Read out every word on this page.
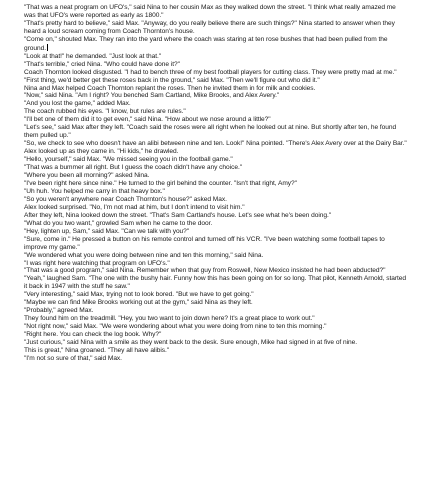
"That was a neat program on UFO's," said Nina to her cousin Max as they walked down the street. "I think what really amazed me was that UFO's were reported as early as 1800."
"That's pretty hard to believe," said Max. "Anyway, do you really believe there are such things?" Nina started to answer when they heard a loud scream coming from Coach Thornton's house.
"Come on," shouted Max. They ran into the yard where the coach was staring at ten rose bushes that had been pulled from the ground.
"Look at that!" he demanded. "Just look at that."
"That's terrible," cried Nina. "Who could have done it?"
Coach Thornton looked disgusted. "I had to bench three of my best football players for cutting class. They were pretty mad at me."
"First thing, we'd better get these roses back in the ground," said Max. "Then we'll figure out who did it."
Nina and Max helped Coach Thornton replant the roses. Then he invited them in for milk and cookies.
"Now," said Nina. "Am I right? You benched Sam Cartland, Mike Brooks, and Alex Avery."
"And you lost the game," added Max.
The coach rubbed his eyes. "I know, but rules are rules."
"I'll bet one of them did it to get even," said Nina. "How about we nose around a little?"
"Let's see," said Max after they left. "Coach said the roses were all right when he looked out at nine. But shortly after ten, he found them pulled up."
"So, we check to see who doesn't have an alibi between nine and ten. Look!" Nina pointed. "There's Alex Avery over at the Dairy Bar."
Alex looked up as they came in. "Hi kids," he drawled.
"Hello, yourself," said Max. "We missed seeing you in the football game."
"That was a bummer all right. But I guess the coach didn't have any choice."
"Where you been all morning?" asked Nina.
"I've been right here since nine." He turned to the girl behind the counter. "Isn't that right, Amy?"
"Uh huh. You helped me carry in that heavy box."
"So you weren't anywhere near Coach Thornton's house?" asked Max.
Alex looked surprised. "No, I'm not mad at him, but I don't intend to visit him."
After they left, Nina looked down the street. "That's Sam Cartland's house. Let's see what he's been doing."
"What do you two want," growled Sam when he came to the door.
"Hey, lighten up, Sam," said Max. "Can we talk with you?"
"Sure, come in." He pressed a button on his remote control and turned off his VCR. "I've been watching some football tapes to improve my game."
"We wondered what you were doing between nine and ten this morning," said Nina.
"I was right here watching that program on UFO's."
"That was a good program," said Nina. Remember when that guy from Roswell, New Mexico insisted he had been abducted?"
"Yeah," laughed Sam. "The one with the bushy hair. Funny how this has been going on for so long. That pilot, Kenneth Arnold, started it back in 1947 with the stuff he saw."
"Very interesting," said Max, trying not to look bored. "But we have to get going."
"Maybe we can find Mike Brooks working out at the gym," said Nina as they left.
"Probably," agreed Max.
They found him on the treadmill. "Hey, you two want to join down here? It's a great place to work out."
"Not right now," said Max. "We were wondering about what you were doing from nine to ten this morning."
"Right here. You can check the log book. Why?"
"Just curious," said Nina with a smile as they went back to the desk. Sure enough, Mike had signed in at five of nine.
This is great," Nina groaned. "They all have alibis."
"I'm not so sure of that," said Max.
